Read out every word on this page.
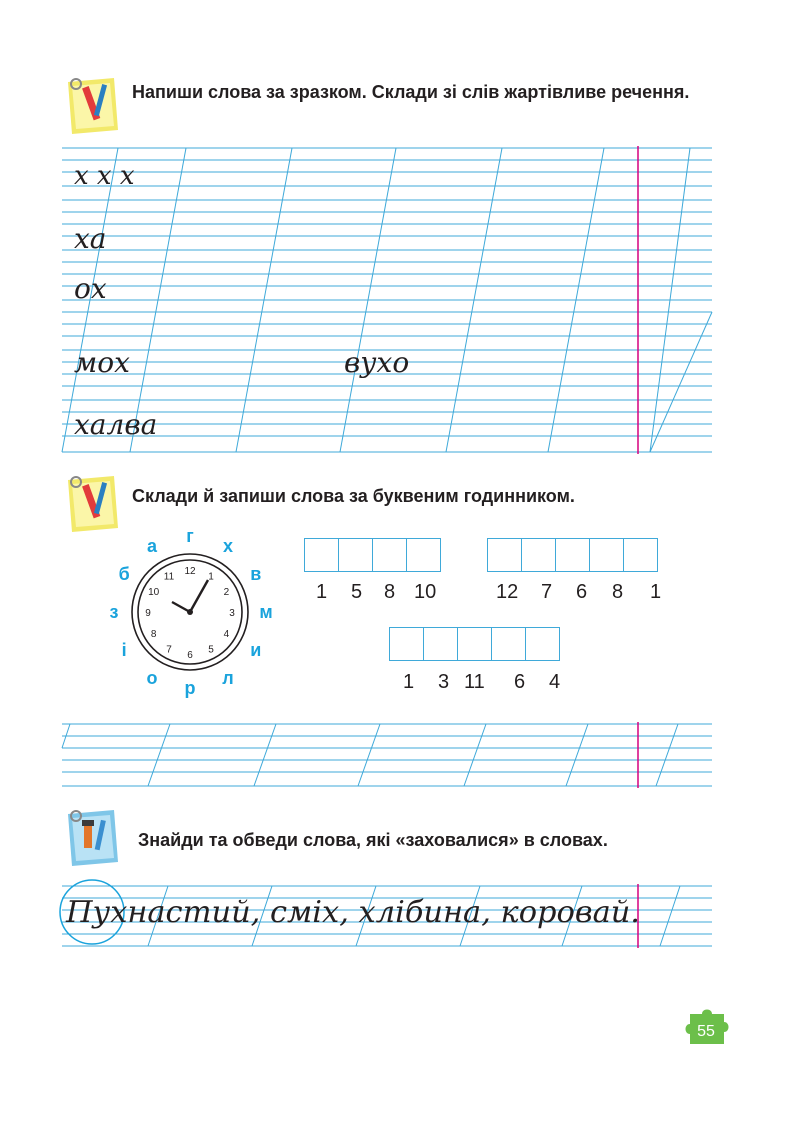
Напиши слова за зразком. Склади зі слів жартівливе речення.

х х х
ха
ох
мох	вухо
халва

Склади й запиши слова за буквеним годинником.

12
1
2
3
4
5
6
7
8
9
10
11
г
х
в
м
и
л
р
о
і
з
б
а
1 5 8 10	12 7 6 8 1
1 3 11 6 4
Пухнастий, сміх, хлібина, коровай.

Знайди та обведи слова, які «заховалися» в словах.

55
